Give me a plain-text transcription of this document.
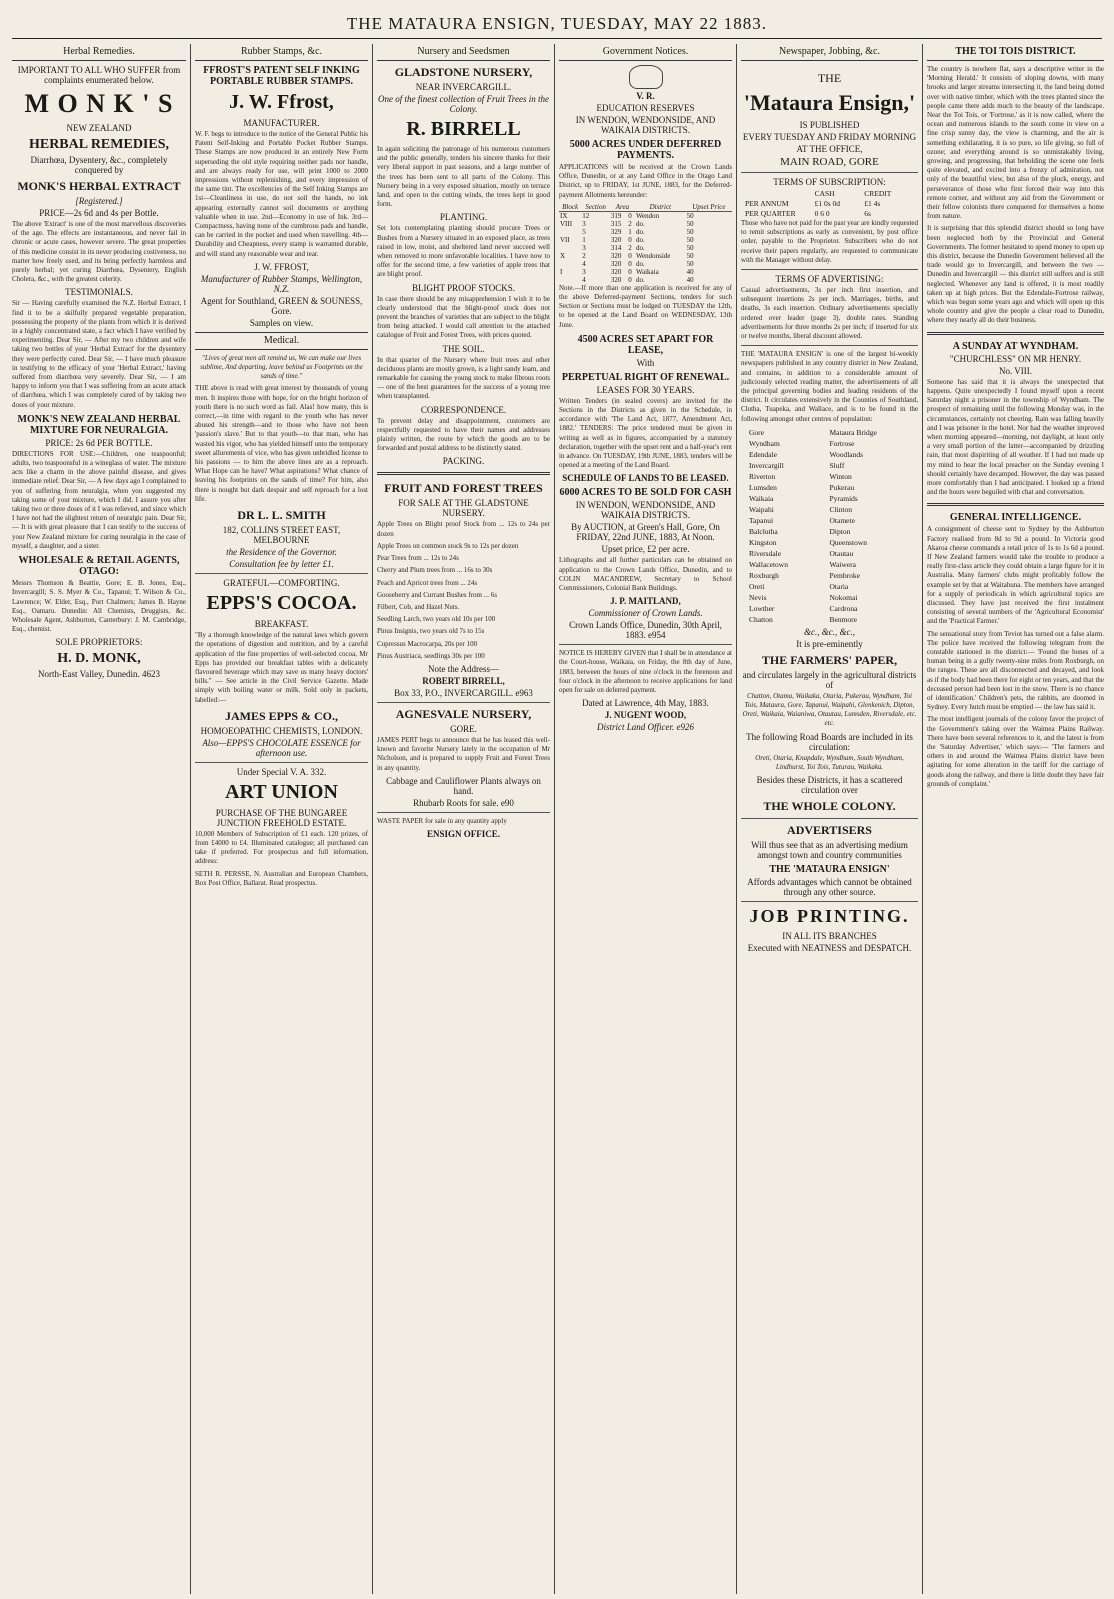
THE MATAURA ENSIGN, TUESDAY, MAY 22 1883.
Herbal Remedies.
IMPORTANT TO ALL WHO SUFFER from complaints enumerated below.
M O N K ' S
NEW ZEALAND
HERBAL REMEDIES,
Diarrhœa, Dysentery, &c., completely conquered by
MONK'S HERBAL EXTRACT
[Registered.]
PRICE—2s 6d and 4s per Bottle.
The above 'Extract' is one of the most marvellous discoveries of the age. The effects are instantaneous, and never fail in chronic or acute cases, however severe. The great properties of this medicine consist in its never producing costiveness, no matter how freely used, and its being perfectly harmless and purely herbal; yet curing Diarrhœa, Dysentery, English Cholera, &c., with the greatest celerity.
TESTIMONIALS.
Sir — Having carefully examined the N.Z. Herbal Extract, I find it to be a skilfully prepared vegetable preparation, possessing the property of the plants from which it is derived in a highly concentrated state, a fact which I have verified by experimenting. Dear Sir, — After my two children and wife taking two bottles of your 'Herbal Extract' for the dysentery they were perfectly cured. Dear Sir, — I have much pleasure in testifying to the efficacy of your 'Herbal Extract,' having suffered from diarrhœa very severely. Dear Sir, — I am happy to inform you that I was suffering from an acute attack of diarrhœa, which I was completely cured of by taking two doses of your mixture.
MONK'S NEW ZEALAND HERBAL MIXTURE FOR NEURALGIA.
PRICE: 2s 6d PER BOTTLE.
DIRECTIONS FOR USE:—Children, one teaspoonful; adults, two teaspoonsful in a wineglass of water. The mixture acts like a charm in the above painful disease, and gives immediate relief. Dear Sir, — A few days ago I complained to you of suffering from neuralgia, when you suggested my taking some of your mixture, which I did. I assure you after taking two or three doses of it I was relieved, and since which I have not had the slightest return of neuralgic pain. Dear Sir, — It is with great pleasure that I can testify to the success of your New Zealand mixture for curing neuralgia in the case of myself, a daughter, and a sister.
WHOLESALE & RETAIL AGENTS, OTAGO:
Messrs Thomson & Beattie, Gore; E. B. Jones, Esq., Invercargill; S. S. Myer & Co., Tapanui; T. Wilson & Co., Lawrence; W. Elder, Esq., Port Chalmers; James B. Hayne Esq., Oamaru. Dunedin: All Chemists, Druggists, &c. Wholesale Agent, Ashburton, Canterbury: J. M. Cambridge, Esq., chemist.
SOLE PROPRIETORS:
H. D. MONK,
North-East Valley, Dunedin. 4623
Rubber Stamps, &c.
FFROST'S PATENT SELF INKING PORTABLE RUBBER STAMPS.
J. W. Ffrost,
MANUFACTURER.
W. F. begs to introduce to the notice of the General Public his Patent Self-Inking and Portable Pocket Rubber Stamps. These Stamps are now produced in an entirely New Form superseding the old style requiring neither pads nor handle, and are always ready for use, will print 1000 to 2000 impressions without replenishing, and every impression of the same tint. The excellencies of the Self Inking Stamps are 1st—Cleanliness in use, do not soil the hands, no ink appearing externally cannot soil documents or anything valuable when in use. 2nd—Economy in use of Ink. 3rd—Compactness, having none of the cumbrous pads and handle, can be carried in the pocket and used when travelling. 4th—Durability and Cheapness, every stamp is warranted durable, and will stand any reasonable wear and tear.
J. W. FFROST,
Manufacturer of Rubber Stamps, Wellington, N.Z.
Agent for Southland, GREEN & SOUNESS, Gore.
Samples on view.
Medical.
"Lives of great men all remind us, We can make our lives sublime, And departing, leave behind us Footprints on the sands of time."
THE above is read with great interest by thousands of young men. It inspires those with hope, for on the bright horizon of youth there is no such word as fail. Alas! how many, this is correct,—in time with regard to the youth who has never abused his strength—and to those who have not been 'passion's slave.' But to that youth—to that man, who has wasted his vigor, who has yielded himself unto the temporary sweet allurements of vice, who has given unbridled license to his passions — to him the above lines are as a reproach. What Hope can he have? What aspirations? What chance of leaving his footprints on the sands of time? For him, also there is nought but dark despair and self reproach for a lost life.
DR L. L. SMITH
182, COLLINS STREET EAST, MELBOURNE
the Residence of the Governor.
Consultation fee by letter £1.
GRATEFUL—COMFORTING.
EPPS'S COCOA.
BREAKFAST.
"By a thorough knowledge of the natural laws which govern the operations of digestion and nutrition, and by a careful application of the fine properties of well-selected cocoa, Mr Epps has provided our breakfast tables with a delicately flavoured beverage which may save us many heavy doctors' bills." — See article in the Civil Service Gazette. Made simply with boiling water or milk. Sold only in packets, labelled:—
JAMES EPPS & CO.,
HOMOEOPATHIC CHEMISTS, LONDON.
Also—EPPS'S CHOCOLATE ESSENCE for afternoon use.
Under Special V. A. 332.
ART UNION
PURCHASE OF THE BUNGAREE JUNCTION FREEHOLD ESTATE.
10,000 Members of Subscription of £1 each. 120 prizes, of from £4000 to £4. Illuminated catalogue; all purchased can take if preferred. For prospectus and full information, address:
SETH R. PERSSE, N. Australian and European Chambers, Box Post Office, Ballarat. Read prospectus.
Nursery and Seedsmen
GLADSTONE NURSERY,
NEAR INVERCARGILL.
One of the finest collection of Fruit Trees in the Colony.
R. BIRRELL
In again soliciting the patronage of his numerous customers and the public generally, tenders his sincere thanks for their very liberal support in past seasons, and a large number of the trees has been sent to all parts of the Colony. This Nursery being in a very exposed situation, mostly on terrace land, and open to the cutting winds, the trees kept in good form.
PLANTING.
Set lots contemplating planting should procure Trees or Bushes from a Nursery situated in an exposed place, as trees raised in low, moist, and sheltered land never succeed well when removed to more unfavorable localities. I have now to offer for the second time, a few varieties of apple trees that are blight proof.
BLIGHT PROOF STOCKS.
In case there should be any misapprehension I wish it to be clearly understood that the blight-proof stock does not prevent the branches of varieties that are subject to the blight from being attacked. I would call attention to the attached catalogue of Fruit and Forest Trees, with prices quoted.
THE SOIL.
In that quarter of the Nursery where fruit trees and other deciduous plants are mostly grown, is a light sandy loam, and remarkable for causing the young stock to make fibrous roots — one of the best guarantees for the success of a young tree when transplanted.
CORRESPONDENCE.
To prevent delay and disappointment, customers are respectfully requested to have their names and addresses plainly written, the route by which the goods are to be forwarded and postal address to be distinctly stated.
PACKING.
FRUIT AND FOREST TREES
FOR SALE AT THE GLADSTONE NURSERY.
Apple Trees on Blight proof Stock from ... 12s to 24s per dozen
Apple Trees on common stock 9s to 12s per dozen
Pear Trees from ... 12s to 24s
Cherry and Plum trees from ... 16s to 30s
Peach and Apricot trees from ... 24s
Gooseberry and Currant Bushes from ... 6s
Filbert, Cob, and Hazel Nuts.
Seedling Larch, two years old 10s per 100
Pinus Insignis, two years old 7s to 15s
Cupressus Macrocarpa, 20s per 100
Pinus Austriaca, seedlings 30s per 100
Note the Address—
ROBERT BIRRELL,
Box 33, P.O., INVERCARGILL. e963
AGNESVALE NURSERY,
GORE.
JAMES PERT begs to announce that he has leased this well-known and favorite Nursery lately in the occupation of Mr Nicholson, and is prepared to supply Fruit and Forest Trees in any quantity.
Cabbage and Cauliflower Plants always on hand.
Rhubarb Roots for sale. e90
WASTE PAPER for sale in any quantity apply
ENSIGN OFFICE.
Government Notices.
V. R.
EDUCATION RESERVES
IN WENDON, WENDONSIDE, AND WAIKAIA DISTRICTS.
5000 ACRES UNDER DEFERRED PAYMENTS.
APPLICATIONS will be received at the Crown Lands Office, Dunedin, or at any Land Office in the Otago Land District, up to FRIDAY, 1st JUNE, 1883, for the Deferred-payment Allotments hereunder:
Block	Section	Area		District	Upset Price
IX	12	319	0	Wendon	50
VIII	3	315	2	do.	50
	5	329	1	do.	50
VII	1	320	0	do.	50
	3	314	2	do.	50
X	2	320	0	Wendonside	50
	4	320	0	do.	50
I	3	320	0	Waikaia	40
	4	320	0	do.	40
Note.—If more than one application is received for any of the above Deferred-payment Sections, tenders for such Section or Sections must be lodged on TUESDAY the 12th, to be opened at the Land Board on WEDNESDAY, 13th June.
4500 ACRES SET APART FOR LEASE,
With
PERPETUAL RIGHT OF RENEWAL.
LEASES FOR 30 YEARS.
Written Tenders (in sealed covers) are invited for the Sections in the Districts as given in the Schedule, in accordance with 'The Land Act, 1877, Amendment Act, 1882.' TENDERS: The price tendered must be given in writing as well as in figures, accompanied by a statutory declaration, together with the upset rent and a half-year's rent in advance. On TUESDAY, 19th JUNE, 1883, tenders will be opened at a meeting of the Land Board.
SCHEDULE OF LANDS TO BE LEASED.
6000 ACRES TO BE SOLD FOR CASH
IN WENDON, WENDONSIDE, AND WAIKAIA DISTRICTS.
By AUCTION, at Green's Hall, Gore, On FRIDAY, 22nd JUNE, 1883, At Noon.
Upset price, £2 per acre.
Lithographs and all further particulars can be obtained on application to the Crown Lands Office, Dunedin, and to COLIN MACANDREW, Secretary to School Commissioners, Colonial Bank Buildings.
J. P. MAITLAND,
Commissioner of Crown Lands.
Crown Lands Office, Dunedin, 30th April, 1883. e954
NOTICE IS HEREBY GIVEN that I shall be in attendance at the Court-house, Waikaia, on Friday, the 8th day of June, 1883, between the hours of nine o'clock in the forenoon and four o'clock in the afternoon to receive applications for land open for sale on deferred payment.
Dated at Lawrence, 4th May, 1883.
J. NUGENT WOOD,
District Land Officer. e926
Newspaper, Jobbing, &c.
THE
'Mataura Ensign,'
IS PUBLISHED
EVERY TUESDAY AND FRIDAY MORNING
AT THE OFFICE,
MAIN ROAD, GORE
TERMS OF SUBSCRIPTION:
CASH	CREDIT
PER ANNUM	£1 0s 0d	£1 4s
PER QUARTER	0 6 0	6s
Those who have not paid for the past year are kindly requested to remit subscriptions as early as convenient, by post office order, payable to the Proprietor. Subscribers who do not receive their papers regularly, are requested to communicate with the Manager without delay.
TERMS OF ADVERTISING:
Casual advertisements, 3s per inch first insertion, and subsequent insertions 2s per inch. Marriages, births, and deaths, 3s each insertion. Ordinary advertisements specially ordered over leader (page 3), double rates. Standing advertisements for three months 2s per inch; if inserted for six or twelve months, liberal discount allowed.
THE 'MATAURA ENSIGN' is one of the largest bi-weekly newspapers published in any country district in New Zealand, and contains, in addition to a considerable amount of judiciously selected reading matter, the advertisements of all the principal governing bodies and leading residents of the district. It circulates extensively in the Counties of Southland, Clutha, Tuapeka, and Wallace, and is to be found in the following amongst other centres of population:
Gore	Mataura Bridge
Wyndham	Fortrose
Edendale	Woodlands
Invercargill	Sluff
Riverton	Winton
Lumsden	Pukerau
Waikaia	Pyramids
Waipahi	Clinton
Tapanui	Otamete
Balclutha	Dipton
Kingston	Queenstown
Riversdale	Otautau
Wallacetown	Waiwera
Roxburgh	Pembroke
Oreti	Otaria
Nevis	Nokomai
Lowther	Cardrona
Chatton	Benmore
&c., &c., &c.,
It is pre-eminently
THE FARMERS' PAPER,
and circulates largely in the agricultural districts of
Chatton, Otama, Waikaka, Otaria, Pukerau, Wyndham, Toi Tois, Mataura, Gore, Tapanui, Waipahi, Glenkenich, Dipton, Oreti, Waikaia, Waianiwa, Otautau, Lumsden, Riversdale, etc. etc.
The following Road Boards are included in its circulation:
Oreti, Otaria, Knapdale, Wyndham, South Wyndham, Lindhurst, Toi Tois, Tuturau, Waikaka.
Besides these Districts, it has a scattered circulation over
THE WHOLE COLONY.
ADVERTISERS
Will thus see that as an advertising medium amongst town and country communities
THE 'MATAURA ENSIGN'
Affords advantages which cannot be obtained through any other source.
JOB PRINTING.
IN ALL ITS BRANCHES
Executed with NEATNESS and DESPATCH.
THE TOI TOIS DISTRICT.
The country is nowhere flat, says a descriptive writer in the 'Morning Herald.' It consists of sloping downs, with many brooks and larger streams intersecting it, the land being dotted over with native timber, which with the trees planted since the people came there adds much to the beauty of the landscape. Near the Toi Tois, or 'Fortrose,' as it is now called, where the ocean and numerous islands to the south come in view on a fine crisp sunny day, the view is charming, and the air is something exhilarating, it is so pure, so life giving, so full of ozone; and everything around is so unmistakably living, growing, and progressing, that beholding the scene one feels quite elevated, and excited into a frenzy of admiration, not only of the beautiful view, but also of the pluck, energy, and perseverance of those who first forced their way into this remote corner, and without any aid from the Government or their fellow colonists there conquered for themselves a home from nature.
It is surprising that this splendid district should so long have been neglected both by the Provincial and General Governments. The former hesitated to spend money to open up this district, because the Dunedin Government believed all the trade would go to Invercargill, and between the two — Dunedin and Invercargill — this district still suffers and is still neglected. Whenever any land is offered, it is most readily taken up at high prices. But the Edendale-Fortrose railway, which was begun some years ago and which will open up this whole country and give the people a clear road to Dunedin, where they nearly all do their business.
A SUNDAY AT WYNDHAM.
"CHURCHLESS" ON MR HENRY.
No. VIII.
Someone has said that it is always the unexpected that happens. Quite unexpectedly I found myself upon a recent Saturday night a prisoner in the township of Wyndham. The prospect of remaining until the following Monday was, in the circumstances, certainly not cheering. Rain was falling heavily and I was prisoner in the hotel. Nor had the weather improved when morning appeared—morning, not daylight, at least only a very small portion of the latter—accompanied by drizzling rain, that most dispiriting of all weather. If I had not made up my mind to hear the local preacher on the Sunday evening I should certainly have decamped. However, the day was passed more comfortably than I had anticipated. I looked up a friend and the hours were beguiled with chat and conversation.
GENERAL INTELLIGENCE.
A consignment of cheese sent to Sydney by the Ashburton Factory realised from 8d to 9d a pound. In Victoria good Akaroa cheese commands a retail price of 1s to 1s 6d a pound. If New Zealand farmers would take the trouble to produce a really first-class article they could obtain a large figure for it in Australia. Many farmers' clubs might profitably follow the example set by that at Waitahuna. The members have arranged for a supply of periodicals in which agricultural topics are discussed. They have just received the first instalment consisting of several numbers of the 'Agricultural Economist' and the 'Practical Farmer.'
The sensational story from Teviot has turned out a false alarm. The police have received the following telegram from the constable stationed in the district:— 'Found the bones of a human being in a gully twenty-nine miles from Roxburgh, on the ranges. These are all disconnected and decayed, and look as if the body had been there for eight or ten years, and that the deceased person had been lost in the snow. There is no chance of identification.' Children's pets, the rabbits, are doomed in Sydney. Every hutch must be emptied — the law has said it.
The most intelligent journals of the colony favor the project of the Government's taking over the Waimea Plains Railway. There have been several references to it, and the latest is from the 'Saturday Advertiser,' which says:— 'The farmers and others in and around the Waimea Plains district have been agitating for some alteration in the tariff for the carriage of goods along the railway, and there is little doubt they have fair grounds of complaint.'
